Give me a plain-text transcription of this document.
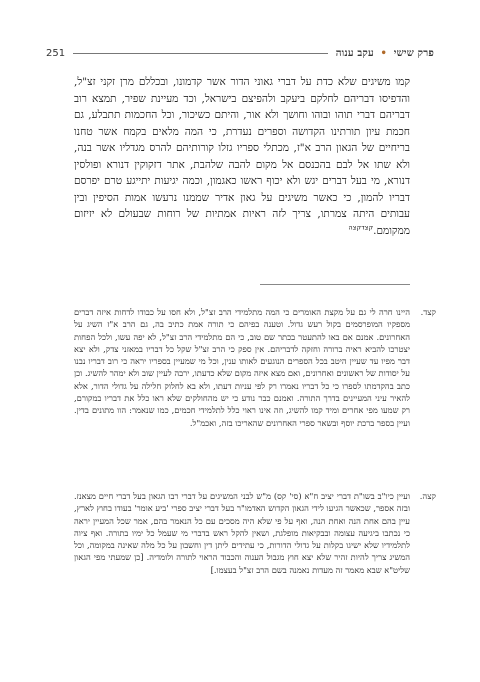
251	פרק שישי • עקב ענוה
קמו משיגים שלא כדת על דברי גאוני הדור אשר קדמונו, ובכללם מרן זקני זצ"ל, והדפיסו דבריהם לחלקם ביעקב ולהפיצם בישראל, וכד מעיינת שפיר, תמצא רוב דבריהם דברי תוהו ובוהו וחושך ולא אור, והיתם כשיכור, וכל החכמות תתבלע, גם חכמת עיון תורתינו הקדושה וספרים נעדרת, כי המה מלאים בקמח אשר טחנו בריחיים של הגאון הרב א"ז, מכתלי ספריו גזלו קורותיהם להרס מגדליו אשר בנה, ולא שתו אל לבם בהכנסם אל מקום להבה שלהבת, אתר דזקוקין דנורא ופולסין דנורא, מי בעל דברים יגש ולא יכוף ראשו כאגמון, וכמה יגיעות יתייגע טרם יפרסם דבריו להמון, כי כאשר משיגים על גאון אדיר שממנו נרעשו אמות הסיפין ובין עבותים היתה צמרתו, צריך לזה ראיות אמתיות של רוחות שבעולם לא יזיזום ממקומם.$^{קצדקצה}$
קצד.
היינו חרה לי גם על מקצת האומרים כי המה מתלמידי הרב זצ"ל, ולא חסו על כבודו לדחות איזה דברים מספקיו המופרסמים בקול רעש גדול. וטענה בפיהם כי תורה אמת כתיב בה, גם הרב א"ז השיג על האחרונים. אמנם אם באו להתעטר בכתר שם טוב, כי הם מתלמידי הרב זצ"ל, לא יפה עשו, ולכל הפחות יצטרכו להביא ראיה ברורה וחזקה לדבריהם. אין ספק כי הרב זצ"ל שקל כל דבריו במאזני צדק, ולא יצא דבר מפיו עד שעיין היטב בכל הספרים הנוגעים לאותו ענין, וכל מי שמעיין בספריו יראה כי רוב דבריו נבנו על יסודות של ראשונים ואחרונים, ואם מצא איזה מקום שלא כדעתו, ירבה לעיין שוב ולא ימהר להשיג. וכן כתב בהקדמתו לספרו כי כל דבריו נאמרו רק לפי עניות דעתו, ולא בא לחלוק חלילה על גדולי הדור, אלא להאיר עיני המעיינים בדרך התורה. ואמנם כבר נודע כי יש מהחולקים שלא ראו כלל את דבריו במקורם, רק שמעו מפי אחרים ומיד קמו להשיג, וזה אינו ראוי כלל לתלמידי חכמים, כמו שנאמר: הוו מתונים בדין. ועיין בספר ברכת יוסף ובשאר ספרי האחרונים שהאריכו בזה, ואכמ"ל.
קצה.
ועיין כיו"ב בשו"ת דברי יציב ח"א (סי' קס) מ"ש לבני המשיגים על דברי רבו הגאון בעל דברי חיים מצאנז. ובזה אספר, שכאשר הגיעו לידי הגאון הקדוש האדמו"ר בעל דברי יציב ספרי 'ביע אומר' בעודו בחוץ לארץ, עיין בהם אחת הנה ואחת הנה, ואף על פי שלא היה מסכים עם כל הנאמר בהם, אמר שכל המעיין יראה כי נכתבו ביגיעה עצומה ובבקיאות מופלגת, ושאין להקל ראש בדברי מי שעמל כל ימיו בתורה. ואף ציוה לתלמידיו שלא ישיגו בקלות על גדולי הדורות, כי עתידים ליתן דין וחשבון על כל מלה שאינה במקומה, וכל המשיג צריך להיות זהיר שלא יצא חוץ מגבול הענוה והכבוד הראוי לתורה ולומדיה. [כן שמעתי מפי הגאון שליט"א שבא מאמר זה מעדות נאמנה בשם הרב זצ"ל בעצמו.]
